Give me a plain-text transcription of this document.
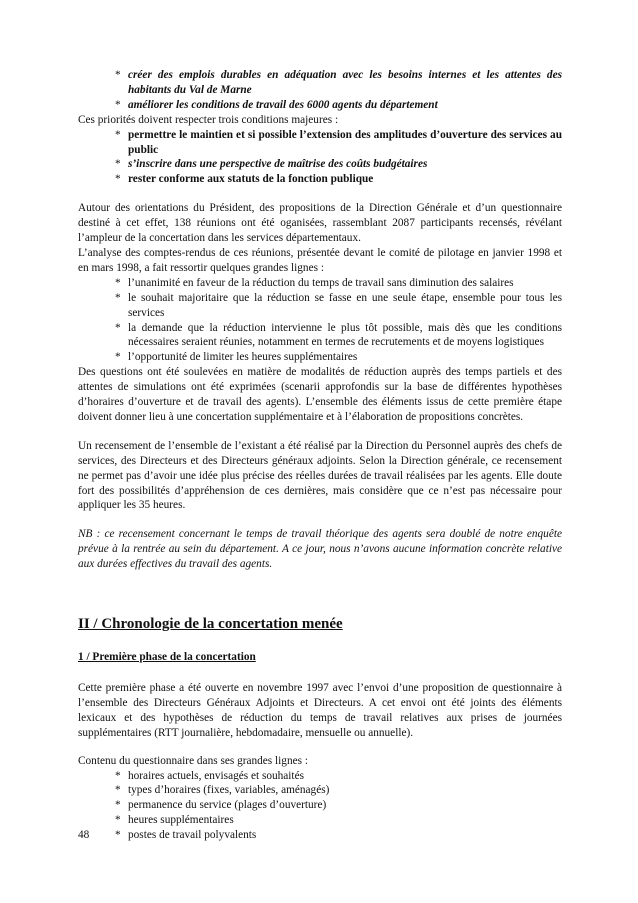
* créer des emplois durables en adéquation avec les besoins internes et les attentes des habitants du Val de Marne
* améliorer les conditions de travail des 6000 agents du département

Ces priorités doivent respecter trois conditions majeures :

* permettre le maintien et si possible l’extension des amplitudes d’ouverture des services au public
* s’inscrire dans une perspective de maîtrise des coûts budgétaires
* rester conforme aux statuts de la fonction publique

Autour des orientations du Président, des propositions de la Direction Générale et d’un questionnaire destiné à cet effet, 138 réunions ont été oganisées, rassemblant 2087 participants recensés, révélant l’ampleur de la concertation dans les services départementaux.

L’analyse des comptes-rendus de ces réunions, présentée devant le comité de pilotage en janvier 1998 et en mars 1998, a fait ressortir quelques grandes lignes :

* l’unanimité en faveur de la réduction du temps de travail sans diminution des salaires
* le souhait majoritaire que la réduction se fasse en une seule étape, ensemble pour tous les services
* la demande que la réduction intervienne le plus tôt possible, mais dès que les conditions nécessaires seraient réunies, notamment en termes de recrutements et de moyens logistiques
* l’opportunité de limiter les heures supplémentaires

Des questions ont été soulevées en matière de modalités de réduction auprès des temps partiels et des attentes de simulations ont été exprimées (scenarii approfondis sur la base de différentes hypothèses d’horaires d’ouverture et de travail des agents). L’ensemble des éléments issus de cette première étape doivent donner lieu à une concertation supplémentaire et à l’élaboration de propositions concrètes.

Un recensement de l’ensemble de l’existant a été réalisé par la Direction du Personnel auprès des chefs de services, des Directeurs et des Directeurs généraux adjoints. Selon la Direction générale, ce recensement ne permet pas d’avoir une idée plus précise des réelles durées de travail réalisées par les agents. Elle doute fort des possibilités d’appréhension de ces dernières, mais considère que ce n’est pas nécessaire pour appliquer les 35 heures.

NB : ce recensement concernant le temps de travail théorique des agents sera doublé de notre enquête prévue à la rentrée au sein du département. A ce jour, nous n’avons aucune information concrète relative aux durées effectives du travail des agents.

II / Chronologie de la concertation menée
1 / Première phase de la concertation

Cette première phase a été ouverte en novembre 1997 avec l’envoi d’une proposition de questionnaire à l’ensemble des Directeurs Généraux Adjoints et Directeurs. A cet envoi ont été joints des éléments lexicaux et des hypothèses de réduction du temps de travail relatives aux prises de journées supplémentaires (RTT journalière, hebdomadaire, mensuelle ou annuelle).

Contenu du questionnaire dans ses grandes lignes :

* horaires actuels, envisagés et souhaités
* types d’horaires (fixes, variables, aménagés)
* permanence du service (plages d’ouverture)
* heures supplémentaires
* postes de travail polyvalents
48
